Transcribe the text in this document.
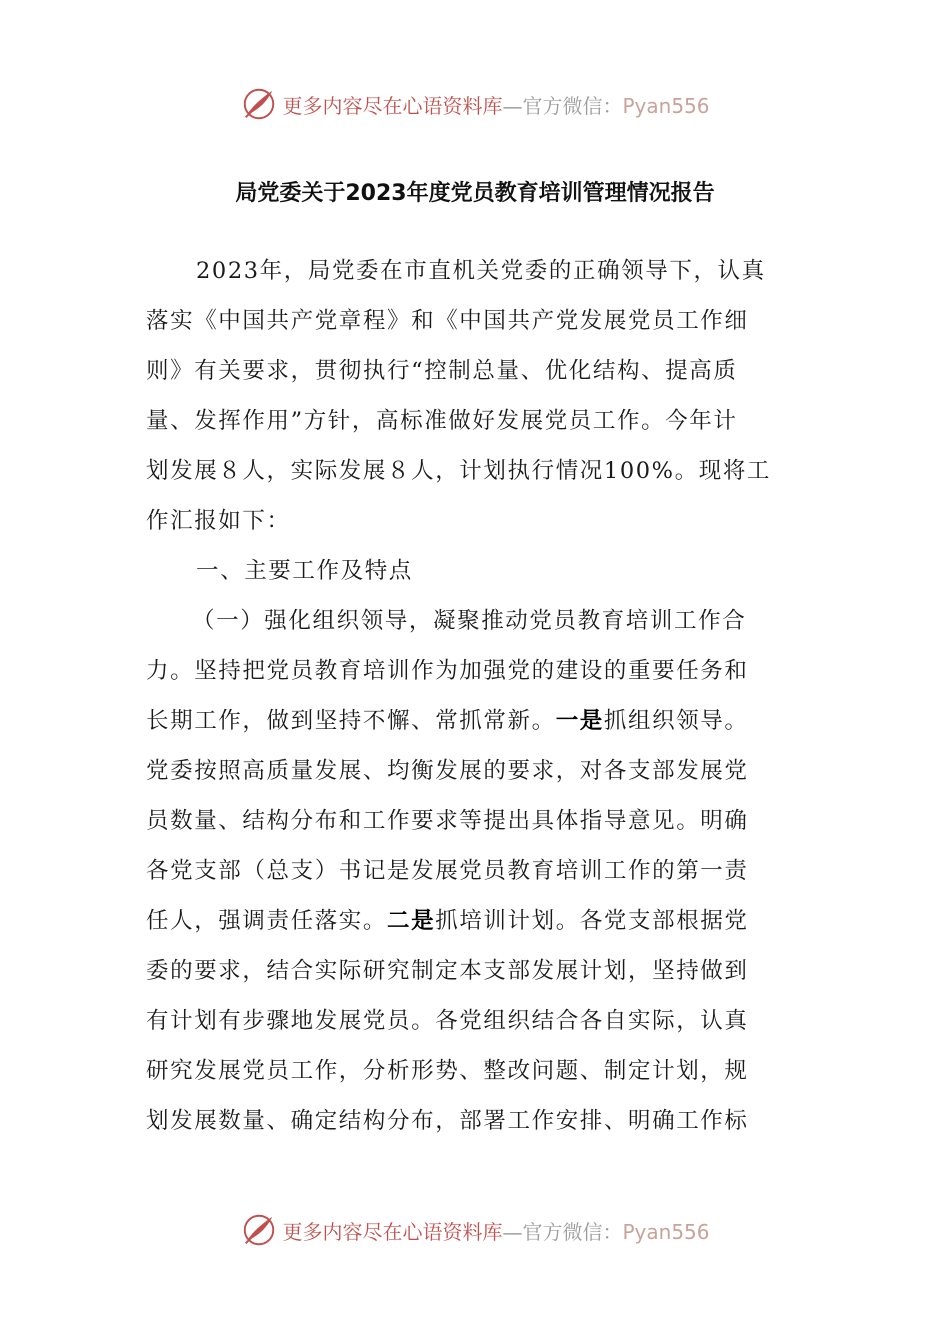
更多内容尽在心语资料库—官方微信：Pyan556
局党委关于2023年度党员教育培训管理情况报告
2023年，局党委在市直机关党委的正确领导下，认真
落实《中国共产党章程》和《中国共产党发展党员工作细
则》有关要求，贯彻执行“控制总量、优化结构、提高质
量、发挥作用”方针，高标准做好发展党员工作。今年计
划发展８人，实际发展８人，计划执行情况100%。现将工
作汇报如下：
一、主要工作及特点
（一）强化组织领导，凝聚推动党员教育培训工作合
力。坚持把党员教育培训作为加强党的建设的重要任务和
长期工作，做到坚持不懈、常抓常新。一是抓组织领导。
党委按照高质量发展、均衡发展的要求，对各支部发展党
员数量、结构分布和工作要求等提出具体指导意见。明确
各党支部（总支）书记是发展党员教育培训工作的第一责
任人，强调责任落实。二是抓培训计划。各党支部根据党
委的要求，结合实际研究制定本支部发展计划，坚持做到
有计划有步骤地发展党员。各党组织结合各自实际，认真
研究发展党员工作，分析形势、整改问题、制定计划，规
划发展数量、确定结构分布，部署工作安排、明确工作标
更多内容尽在心语资料库—官方微信：Pyan556
